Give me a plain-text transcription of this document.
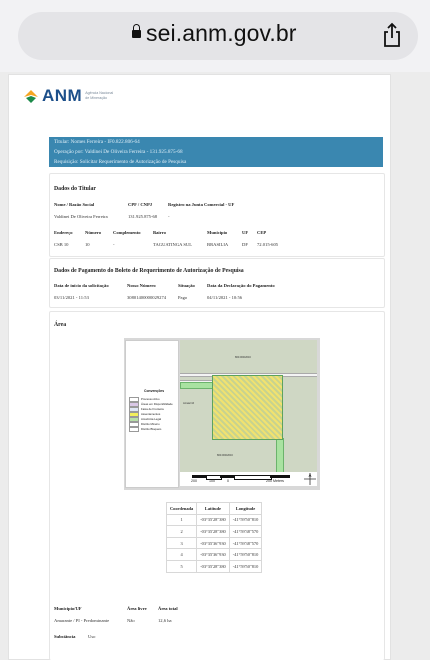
sei.anm.gov.br
ANM Agência Nacional de Mineração
Titular: Nomes Ferreira - IF0.822.806-64
Operação por: Valdinei De Oliveira Ferreira - 131.925.875-68
Requisição: Solicitar Requerimento de Autorização de Pesquisa
Dados do Titular
Nome / Razão Social	CPF / CNPJ	Registro na Junta Comercial - UF
Valdinei De Oliveira Ferreira	131.925.875-68 -
Endereço	Número	Complemento	Bairro	Município	UF CEP
CSB 10	10	-	TAGUATINGA SUL	BRASILIA	DF 72.015-605
Dados de Pagamento do Boleto de Requerimento de Autorização de Pesquisa
Data de início da solicitação	Nosso Número	Situação	Data da Declaração do Pagamento
03/11/2021 - 11:53	30801400000029274	Pago	04/11/2021 - 10:56
Área
Convenções
Processo Ativo
Áreas em Disponibilidade
Faixa de Fronteira
Assentamentos
Amazônia Legal
Distrito Mineiro
Distrito Bloqueio
800.000/2016
Arraial 16
800.000/2016
200	100	0	200 Meters
Coordenada	Latitude	Longitude
1	-03°35'28"380	-41°59'50"810
2	-03°35'28"380	-41°59'38"570
3	-03°35'36"930	-41°59'38"570
4	-03°35'36"930	-41°59'50"810
5	-03°35'28"380	-41°59'50"810
Município/UF	Área livre Área total
Amarante / PI - Predominante	Não	12,6 ha
Substância	Uso
